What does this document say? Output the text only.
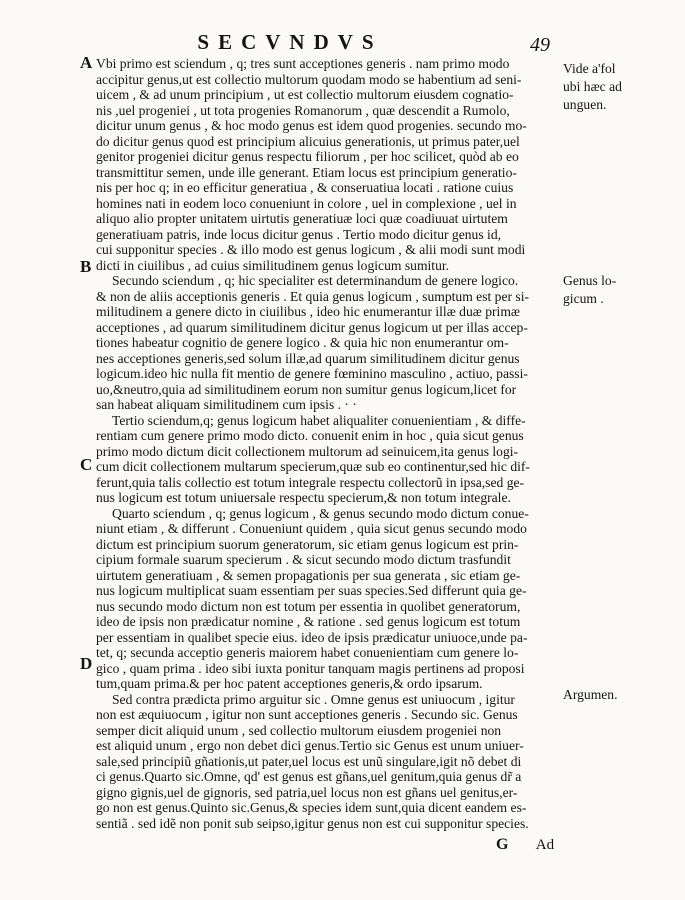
SECVNDVS	49
A
B
C
D
Vide a'fol
ubi hæc ad
unguen.
Genus lo-
gicum .
Argumen.
Vbi primo est sciendum , q; tres sunt acceptiones generis . nam primo modo
accipitur genus,ut est collectio multorum quodam modo se habentium ad seni-
uicem , & ad unum principium , ut est collectio multorum eiusdem cognatio-
nis ,uel progeniei , ut tota progenies Romanorum , quæ descendit a Rumolo,
dicitur unum genus , & hoc modo genus est idem quod progenies. secundo mo-
do dicitur genus quod est principium alicuius generationis, ut primus pater,uel
genitor progeniei dicitur genus respectu filiorum , per hoc scilicet, quòd ab eo
transmittitur semen, unde ille generant. Etiam locus est principium generatio-
nis per hoc q; in eo efficitur generatiua , & conseruatiua locati . ratione cuius
homines nati in eodem loco conueniunt in colore , uel in complexione , uel in
aliquo alio propter unitatem uirtutis generatiuæ loci quæ coadiuuat uirtutem
generatiuam patris, inde locus dicitur genus . Tertio modo dicitur genus id,
cui supponitur species . & illo modo est genus logicum , & alii modi sunt modi
dicti in ciuilibus , ad cuius similitudinem genus logicum sumitur.
Secundo sciendum , q; hic specialiter est determinandum de genere logico.
& non de aliis acceptionis generis . Et quia genus logicum , sumptum est per si-
militudinem a genere dicto in ciuilibus , ideo hic enumerantur illæ duæ primæ
acceptiones , ad quarum similitudinem dicitur genus logicum ut per illas accep-
tiones habeatur cognitio de genere logico . & quia hic non enumerantur om-
nes acceptiones generis,sed solum illæ,ad quarum similitudinem dicitur genus
logicum.ideo hic nulla fit mentio de genere fœminino masculino , actiuo, passi-
uo,&neutro,quia ad similitudinem eorum non sumitur genus logicum,licet for
san habeat aliquam similitudinem cum ipsis . · ·
Tertio sciendum,q; genus logicum habet aliqualiter conuenientiam , & diffe-
rentiam cum genere primo modo dicto. conuenit enim in hoc , quia sicut genus
primo modo dictum dicit collectionem multorum ad seinuicem,ita genus logi-
cum dicit collectionem multarum specierum,quæ sub eo continentur,sed hic dif-
ferunt,quia talis collectio est totum integrale respectu collectorũ in ipsa,sed ge-
nus logicum est totum uniuersale respectu specierum,& non totum integrale.
Quarto sciendum , q; genus logicum , & genus secundo modo dictum conue-
niunt etiam , & differunt . Conueniunt quidem , quia sicut genus secundo modo
dictum est principium suorum generatorum, sic etiam genus logicum est prin-
cipium formale suarum specierum . & sicut secundo modo dictum trasfundit
uirtutem generatiuam , & semen propagationis per sua generata , sic etiam ge-
nus logicum multiplicat suam essentiam per suas species.Sed differunt quia ge-
nus secundo modo dictum non est totum per essentia in quolibet generatorum,
ideo de ipsis non prædicatur nomine , & ratione . sed genus logicum est totum
per essentiam in qualibet specie eius. ideo de ipsis prædicatur uniuoce,unde pa-
tet, q; secunda acceptio generis maiorem habet conuenientiam cum genere lo-
gico , quam prima . ideo sibi iuxta ponitur tanquam magis pertinens ad proposi
tum,quam prima.& per hoc patent acceptiones generis,& ordo ipsarum.
Sed contra prædicta primo arguitur sic . Omne genus est uniuocum , igitur
non est æquiuocum , igitur non sunt acceptiones generis . Secundo sic. Genus
semper dicit aliquid unum , sed collectio multorum eiusdem progeniei non
est aliquid unum , ergo non debet dici genus.Tertio sic Genus est unum uniuer-
sale,sed principiũ gñationis,ut pater,uel locus est unũ singulare,igit nõ debet di
ci genus.Quarto sic.Omne, qd' est genus est gñans,uel genitum,quia genus dr̃ a
gigno gignis,uel de gignoris, sed patria,uel locus non est gñans uel genitus,er-
go non est genus.Quinto sic.Genus,& species idem sunt,quia dicent eandem es-
sentiã . sed idẽ non ponit sub seipso,igitur genus non est cui supponitur species.
G Ad
